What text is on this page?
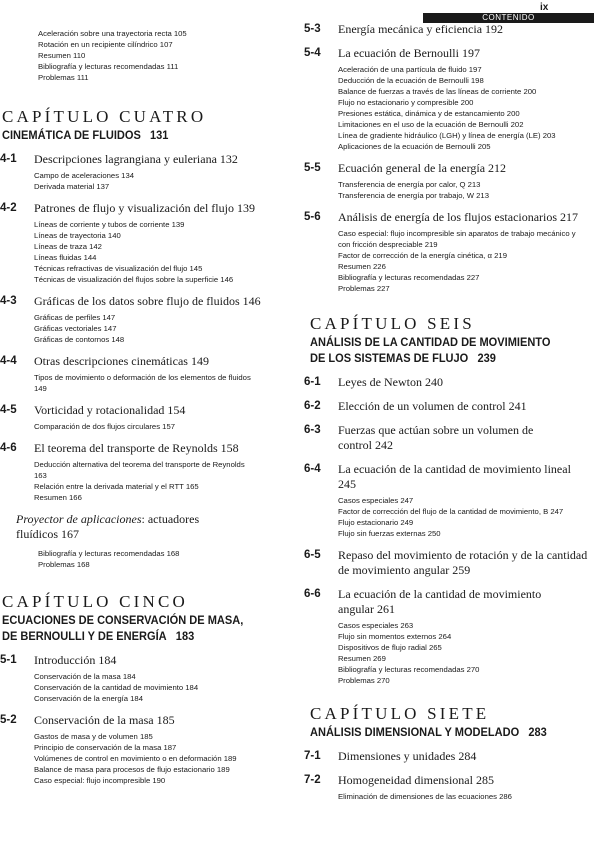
ix
CONTENIDO
Aceleración sobre una trayectoria recta 105
Rotación en un recipiente cilíndrico 107
Resumen 110
Bibliografía y lecturas recomendadas 111
Problemas 111
CAPÍTULO CUATRO
CINEMÁTICA DE FLUIDOS 131
4-1 Descripciones lagrangiana y euleriana 132
Campo de aceleraciones 134
Derivada material 137
4-2 Patrones de flujo y visualización del flujo 139
Líneas de corriente y tubos de corriente 139
Líneas de trayectoria 140
Líneas de traza 142
Líneas fluidas 144
Técnicas refractivas de visualización del flujo 145
Técnicas de visualización del flujos sobre la superficie 146
4-3 Gráficas de los datos sobre flujo de fluidos 146
Gráficas de perfiles 147
Gráficas vectoriales 147
Gráficas de contornos 148
4-4 Otras descripciones cinemáticas 149
Tipos de movimiento o deformación de los elementos de fluidos 149
4-5 Vorticidad y rotacionalidad 154
Comparación de dos flujos circulares 157
4-6 El teorema del transporte de Reynolds 158
Deducción alternativa del teorema del transporte de Reynolds 163
Relación entre la derivada material y el RTT 165
Resumen 166
Proyector de aplicaciones: actuadores fluídicos 167
Bibliografía y lecturas recomendadas 168
Problemas 168
CAPÍTULO CINCO
ECUACIONES DE CONSERVACIÓN DE MASA,
DE BERNOULLI Y DE ENERGÍA 183
5-1 Introducción 184
Conservación de la masa 184
Conservación de la cantidad de movimiento 184
Conservación de la energía 184
5-2 Conservación de la masa 185
Gastos de masa y de volumen 185
Principio de conservación de la masa 187
Volúmenes de control en movimiento o en deformación 189
Balance de masa para procesos de flujo estacionario 189
Caso especial: flujo incompresible 190
5-3 Energía mecánica y eficiencia 192
5-4 La ecuación de Bernoulli 197
Aceleración de una partícula de fluido 197
Deducción de la ecuación de Bernoulli 198
Balance de fuerzas a través de las líneas de corriente 200
Flujo no estacionario y compresible 200
Presiones estática, dinámica y de estancamiento 200
Limitaciones en el uso de la ecuación de Bernoulli 202
Línea de gradiente hidráulico (LGH) y línea de energía (LE) 203
Aplicaciones de la ecuación de Bernoulli 205
5-5 Ecuación general de la energía 212
Transferencia de energía por calor, Q 213
Transferencia de energía por trabajo, W 213
5-6 Análisis de energía de los flujos estacionarios 217
Caso especial: flujo incompresible sin aparatos de trabajo mecánico y con fricción despreciable 219
Factor de corrección de la energía cinética, α 219
Resumen 226
Bibliografía y lecturas recomendadas 227
Problemas 227
CAPÍTULO SEIS
ANÁLISIS DE LA CANTIDAD DE MOVIMIENTO
DE LOS SISTEMAS DE FLUJO 239
6-1 Leyes de Newton 240
6-2 Elección de un volumen de control 241
6-3 Fuerzas que actúan sobre un volumen de control 242
6-4 La ecuación de la cantidad de movimiento lineal 245
Casos especiales 247
Factor de corrección del flujo de la cantidad de movimiento, B 247
Flujo estacionario 249
Flujo sin fuerzas externas 250
6-5 Repaso del movimiento de rotación y de la cantidad de movimiento angular 259
6-6 La ecuación de la cantidad de movimiento angular 261
Casos especiales 263
Flujo sin momentos externos 264
Dispositivos de flujo radial 265
Resumen 269
Bibliografía y lecturas recomendadas 270
Problemas 270
CAPÍTULO SIETE
ANÁLISIS DIMENSIONAL Y MODELADO 283
7-1 Dimensiones y unidades 284
7-2 Homogeneidad dimensional 285
Eliminación de dimensiones de las ecuaciones 286
